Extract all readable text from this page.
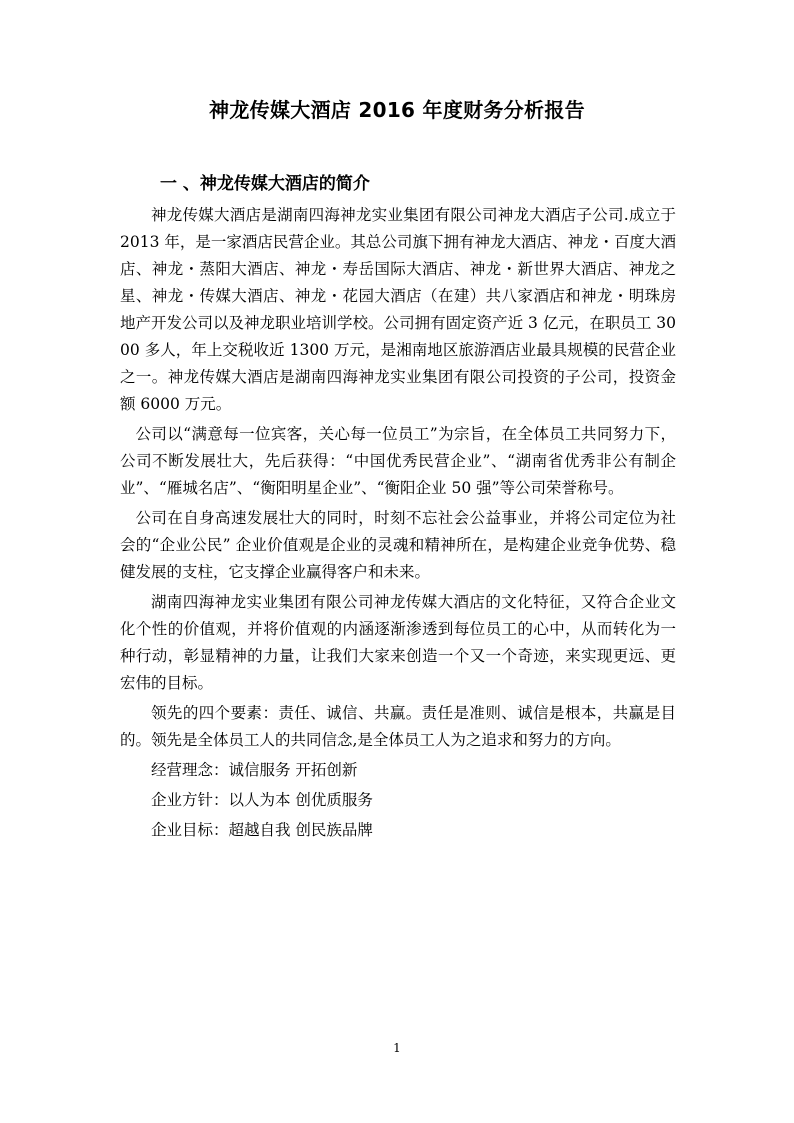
神龙传媒大酒店 2016 年度财务分析报告
一 、神龙传媒大酒店的简介

神龙传媒大酒店是湖南四海神龙实业集团有限公司神龙大酒店子公司.成立于 2013 年，是一家酒店民营企业。其总公司旗下拥有神龙大酒店、神龙・百度大酒店、神龙・蒸阳大酒店、神龙・寿岳国际大酒店、神龙・新世界大酒店、神龙之星、神龙・传媒大酒店、神龙・花园大酒店（在建）共八家酒店和神龙・明珠房地产开发公司以及神龙职业培训学校。公司拥有固定资产近 3 亿元，在职员工 3000 多人，年上交税收近 1300 万元，是湘南地区旅游酒店业最具规模的民营企业之一。神龙传媒大酒店是湖南四海神龙实业集团有限公司投资的子公司，投资金额 6000 万元。

公司以“满意每一位宾客，关心每一位员工”为宗旨，在全体员工共同努力下，公司不断发展壮大，先后获得：“中国优秀民营企业”、“湖南省优秀非公有制企业”、“雁城名店”、“衡阳明星企业”、“衡阳企业 50 强”等公司荣誉称号。

公司在自身高速发展壮大的同时，时刻不忘社会公益事业，并将公司定位为社会的“企业公民” 企业价值观是企业的灵魂和精神所在，是构建企业竞争优势、稳健发展的支柱，它支撑企业赢得客户和未来。

湖南四海神龙实业集团有限公司神龙传媒大酒店的文化特征，又符合企业文化个性的价值观，并将价值观的内涵逐渐渗透到每位员工的心中，从而转化为一种行动，彰显精神的力量，让我们大家来创造一个又一个奇迹，来实现更远、更宏伟的目标。

领先的四个要素：责任、诚信、共赢。责任是准则、诚信是根本，共赢是目的。领先是全体员工人的共同信念,是全体员工人为之追求和努力的方向。

经营理念：诚信服务 开拓创新

企业方针：以人为本 创优质服务

企业目标：超越自我 创民族品牌

1
